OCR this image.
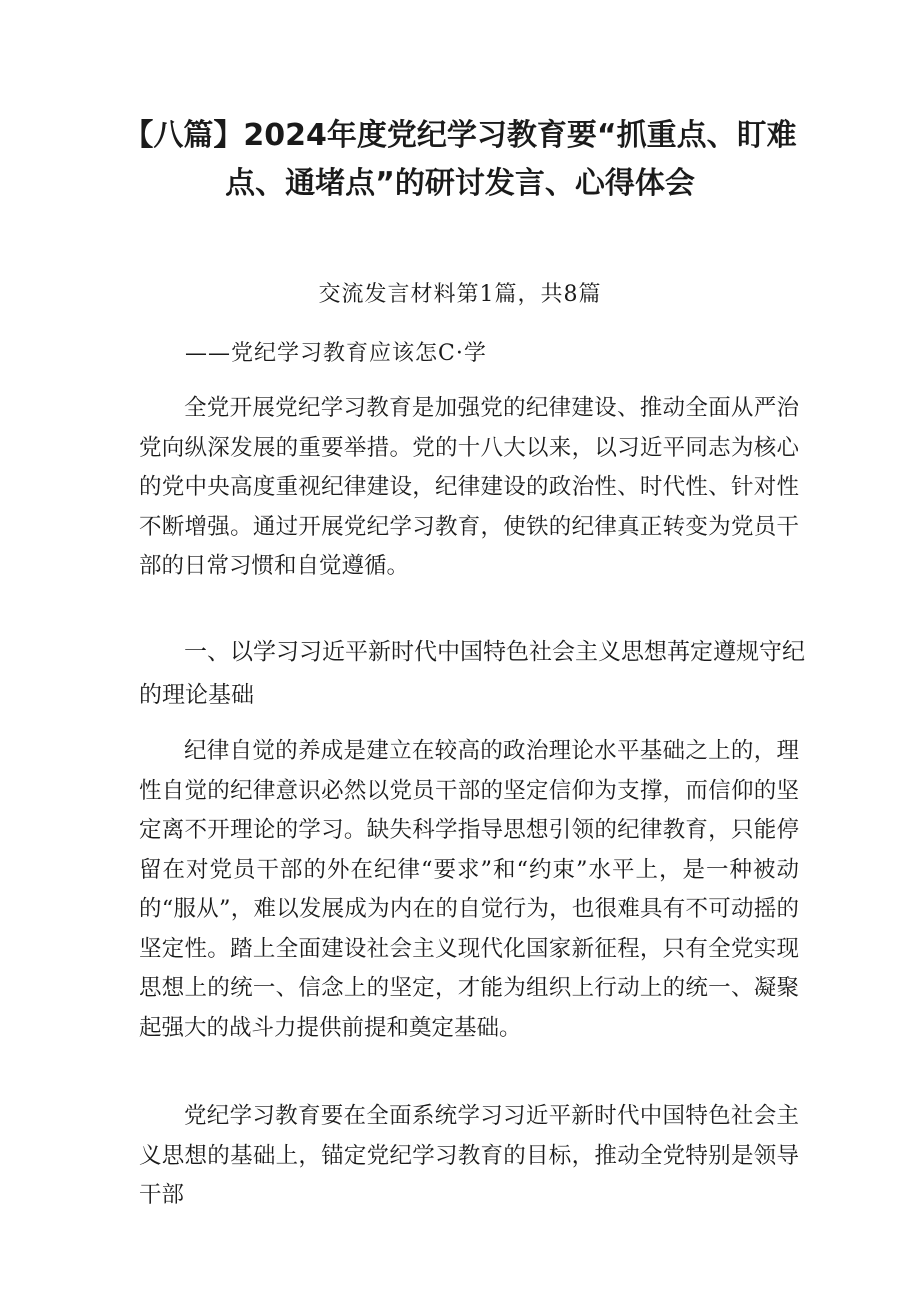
【八篇】2024年度党纪学习教育要“抓重点、盯难点、通堵点”的研讨发言、心得体会
交流发言材料第1篇，共8篇
——党纪学习教育应该怎C·学

全党开展党纪学习教育是加强党的纪律建设、推动全面从严治党向纵深发展的重要举措。党的十八大以来，以习近平同志为核心的党中央高度重视纪律建设，纪律建设的政治性、时代性、针对性不断增强。通过开展党纪学习教育，使铁的纪律真正转变为党员干部的日常习惯和自觉遵循。

一、以学习习近平新时代中国特色社会主义思想苒定遵规守纪的理论基础

纪律自觉的养成是建立在较高的政治理论水平基础之上的，理性自觉的纪律意识必然以党员干部的坚定信仰为支撑，而信仰的坚定离不开理论的学习。缺失科学指导思想引领的纪律教育，只能停留在对党员干部的外在纪律“要求”和“约束”水平上，是一种被动的“服从”，难以发展成为内在的自觉行为，也很难具有不可动摇的坚定性。踏上全面建设社会主义现代化国家新征程，只有全党实现思想上的统一、信念上的坚定，才能为组织上行动上的统一、凝聚起强大的战斗力提供前提和奠定基础。

党纪学习教育要在全面系统学习习近平新时代中国特色社会主义思想的基础上，锚定党纪学习教育的目标，推动全党特别是领导干部
